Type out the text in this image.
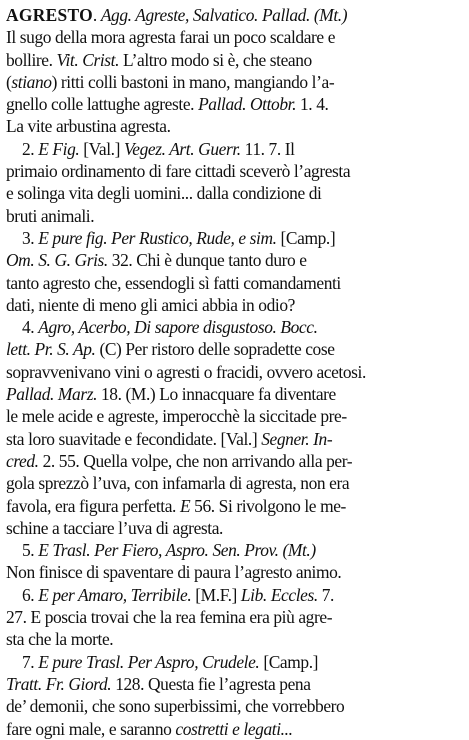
AGRESTO. Agg. Agreste, Salvatico. Pallad. (Mt.)
Il sugo della mora agresta farai un poco scaldare e
bollire. Vit. Crist. L’altro modo si è, che steano
(stiano) ritti colli bastoni in mano, mangiando l’a-
gnello colle lattughe agreste. Pallad. Ottobr. 1. 4.
La vite arbustina agresta.
2. E Fig. [Val.] Vegez. Art. Guerr. 11. 7. Il
primaio ordinamento di fare cittadi sceverò l’agresta
e solinga vita degli uomini... dalla condizione di
bruti animali.
3. E pure fig. Per Rustico, Rude, e sim. [Camp.]
Om. S. G. Gris. 32. Chi è dunque tanto duro e
tanto agresto che, essendogli sì fatti comandamenti
dati, niente di meno gli amici abbia in odio?
4. Agro, Acerbo, Di sapore disgustoso. Bocc.
lett. Pr. S. Ap. (C) Per ristoro delle sopradette cose
sopravvenivano vini o agresti o fracidi, ovvero acetosi.
Pallad. Marz. 18. (M.) Lo innacquare fa diventare
le mele acide e agreste, imperocchè la siccitade pre-
sta loro suavitade e fecondidate. [Val.] Segner. In-
cred. 2. 55. Quella volpe, che non arrivando alla per-
gola sprezzò l’uva, con infamarla di agresta, non era
favola, era figura perfetta. E 56. Si rivolgono le me-
schine a tacciare l’uva di agresta.
5. E Trasl. Per Fiero, Aspro. Sen. Prov. (Mt.)
Non finisce di spaventare di paura l’agresto animo.
6. E per Amaro, Terribile. [M.F.] Lib. Eccles. 7.
27. E poscia trovai che la rea femina era più agre-
sta che la morte.
7. E pure Trasl. Per Aspro, Crudele. [Camp.]
Tratt. Fr. Giord. 128. Questa fie l’agresta pena
de’ demonii, che sono superbissimi, che vorrebbero
fare ogni male, e saranno costretti e legati...
